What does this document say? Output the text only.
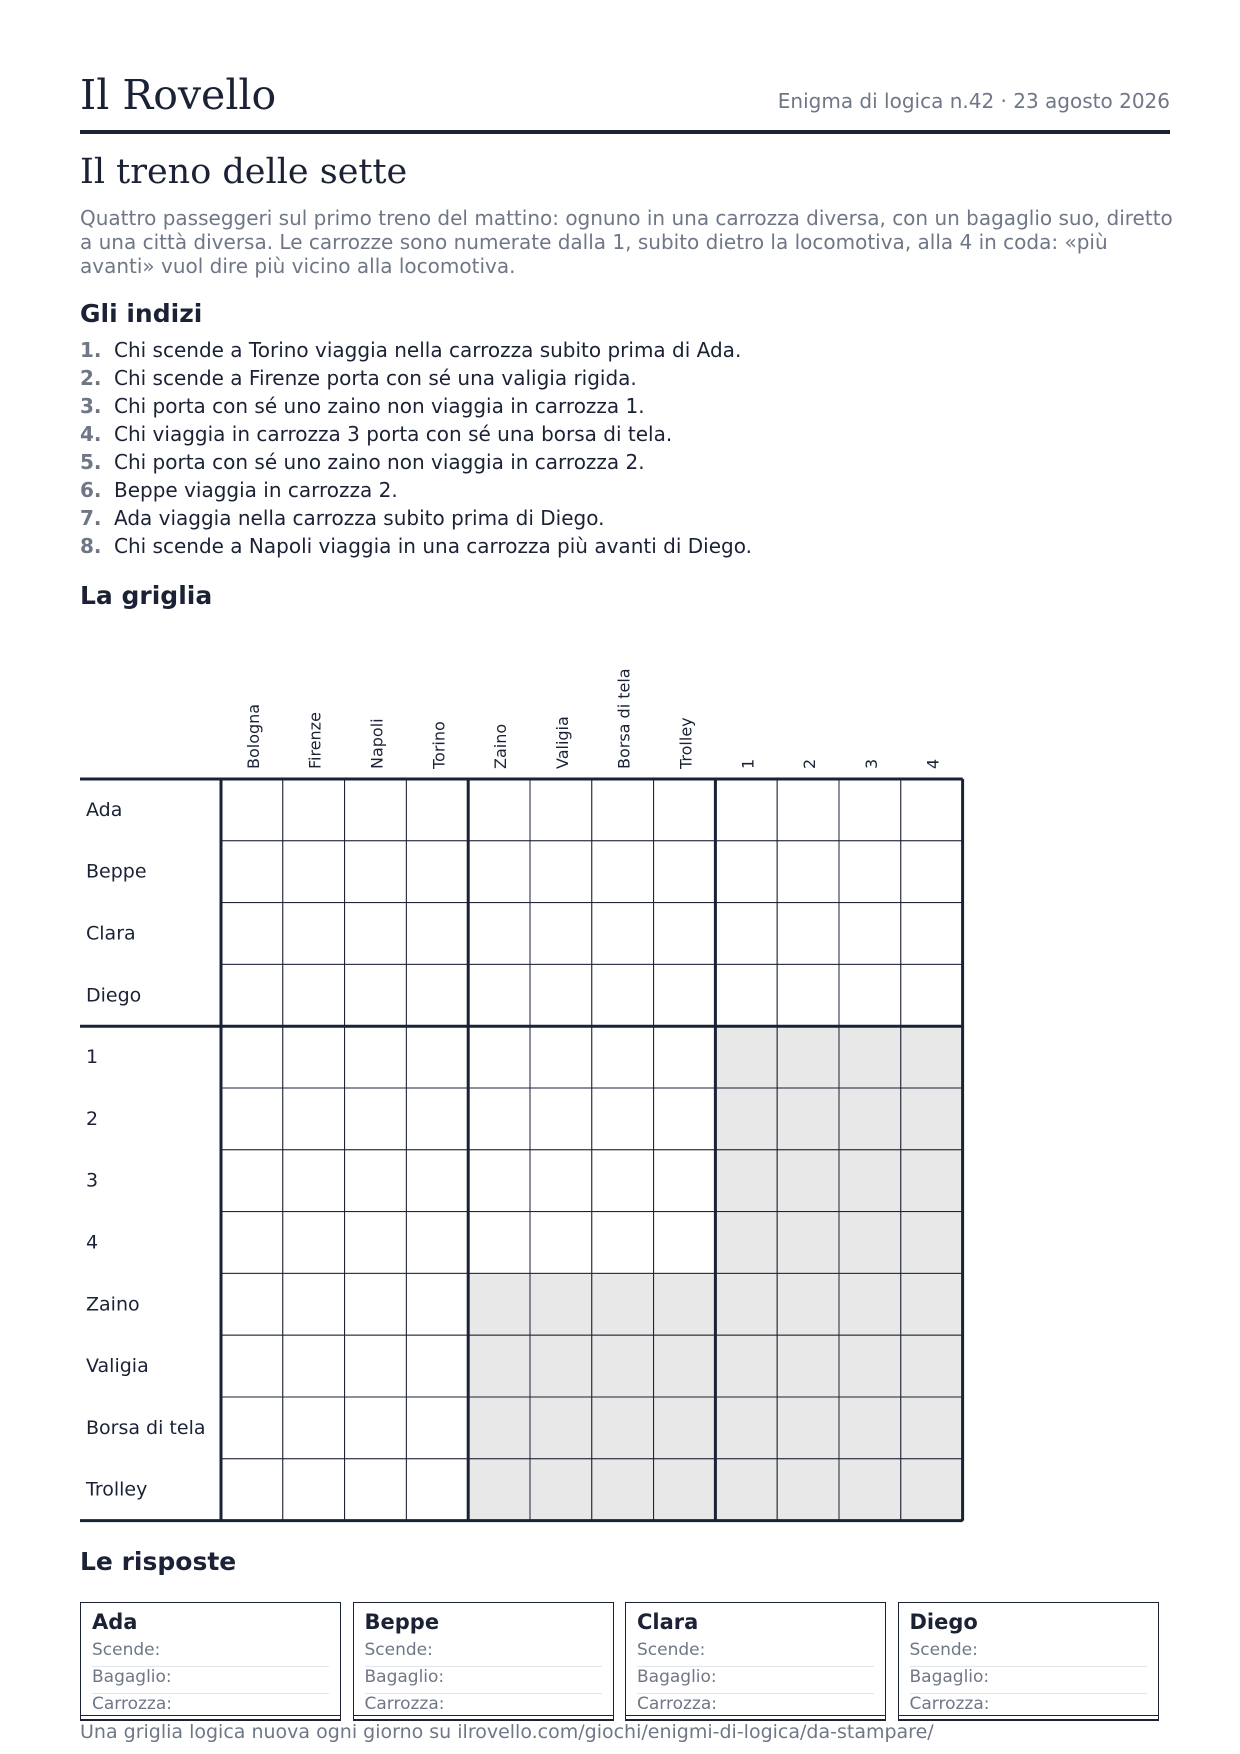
Il Rovello	Enigma di logica n.42 · 23 agosto 2026
Il treno delle sette
Quattro passeggeri sul primo treno del mattino: ognuno in una carrozza diversa, con un bagaglio suo, diretto a una città diversa. Le carrozze sono numerate dalla 1, subito dietro la locomotiva, alla 4 in coda: «più avanti» vuol dire più vicino alla locomotiva.
Gli indizi
1. Chi scende a Torino viaggia nella carrozza subito prima di Ada.
2. Chi scende a Firenze porta con sé una valigia rigida.
3. Chi porta con sé uno zaino non viaggia in carrozza 1.
4. Chi viaggia in carrozza 3 porta con sé una borsa di tela.
5. Chi porta con sé uno zaino non viaggia in carrozza 2.
6. Beppe viaggia in carrozza 2.
7. Ada viaggia nella carrozza subito prima di Diego.
8. Chi scende a Napoli viaggia in una carrozza più avanti di Diego.
La griglia
Bologna	Firenze	Napoli	Torino	Zaino	Valigia	Borsa di tela	Trolley	1	2	3	4
Ada
Beppe
Clara
Diego
1
2
3
4
Zaino
Valigia
Borsa di tela
Trolley
Le risposte
Ada
Scende:
Bagaglio:
Carrozza:
Beppe
Scende:
Bagaglio:
Carrozza:
Clara
Scende:
Bagaglio:
Carrozza:
Diego
Scende:
Bagaglio:
Carrozza:
Una griglia logica nuova ogni giorno su ilrovello.com/giochi/enigmi-di-logica/da-stampare/
